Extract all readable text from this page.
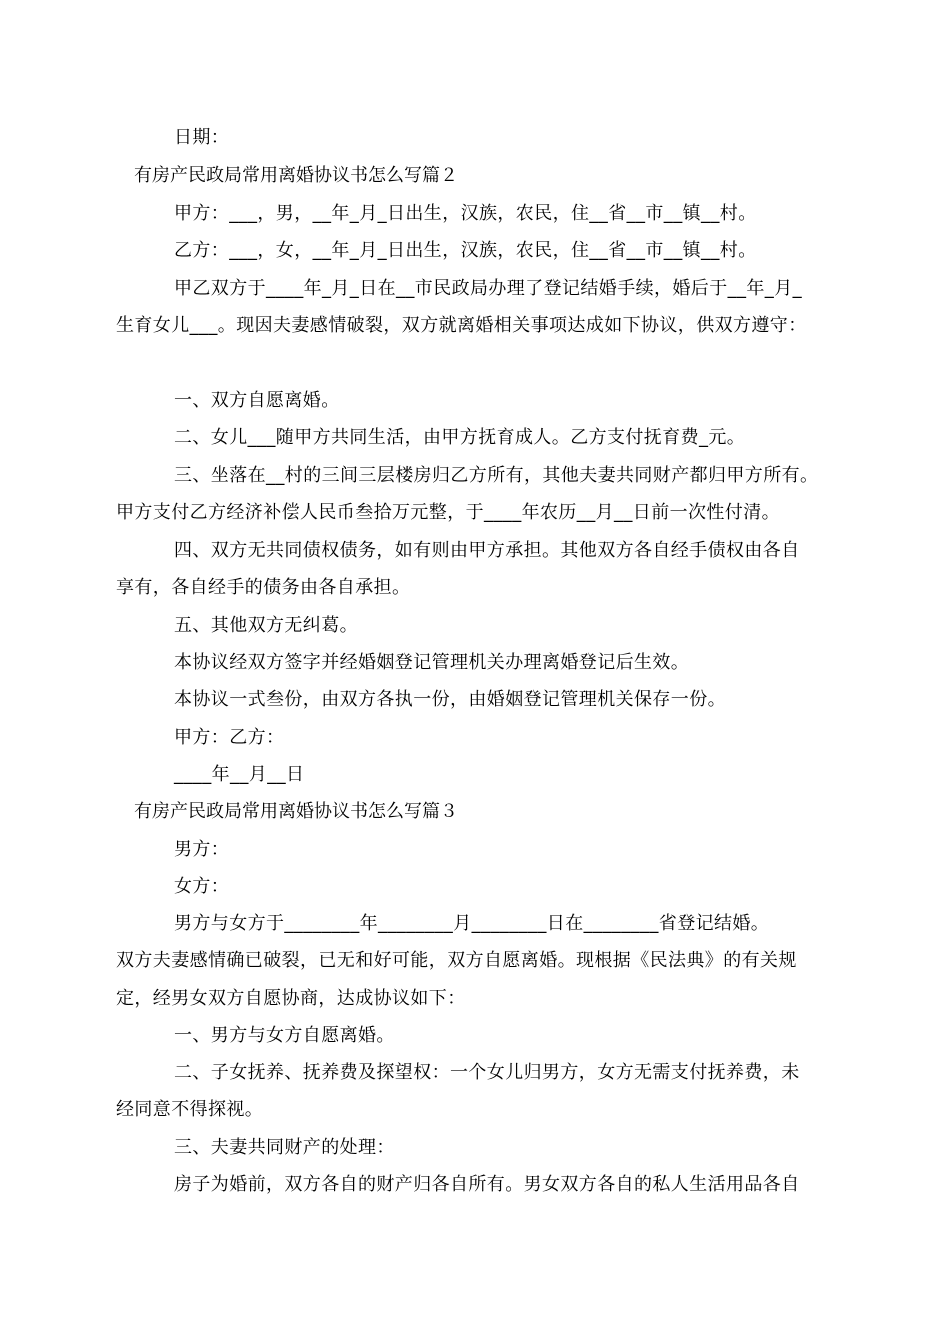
日期：
有房产民政局常用离婚协议书怎么写篇２
甲方：___，男，__年_月_日出生，汉族，农民，住__省__市__镇__村。
乙方：___，女，__年_月_日出生，汉族，农民，住__省__市__镇__村。
甲乙双方于____年_月_日在__市民政局办理了登记结婚手续，婚后于__年_月_
生育女儿___。现因夫妻感情破裂，双方就离婚相关事项达成如下协议，供双方遵守：
一、双方自愿离婚。
二、女儿___随甲方共同生活，由甲方抚育成人。乙方支付抚育费_元。
三、坐落在__村的三间三层楼房归乙方所有，其他夫妻共同财产都归甲方所有。
甲方支付乙方经济补偿人民币叁拾万元整，于____年农历__月__日前一次性付清。
四、双方无共同债权债务，如有则由甲方承担。其他双方各自经手债权由各自
享有，各自经手的债务由各自承担。
五、其他双方无纠葛。
本协议经双方签字并经婚姻登记管理机关办理离婚登记后生效。
本协议一式叁份，由双方各执一份，由婚姻登记管理机关保存一份。
甲方：乙方：
____年__月__日
有房产民政局常用离婚协议书怎么写篇３
男方：
女方：
男方与女方于________年________月________日在________省登记结婚。
双方夫妻感情确已破裂，已无和好可能，双方自愿离婚。现根据《民法典》的有关规
定，经男女双方自愿协商，达成协议如下：
一、男方与女方自愿离婚。
二、子女抚养、抚养费及探望权：一个女儿归男方，女方无需支付抚养费，未
经同意不得探视。
三、夫妻共同财产的处理：
房子为婚前，双方各自的财产归各自所有。男女双方各自的私人生活用品各自
